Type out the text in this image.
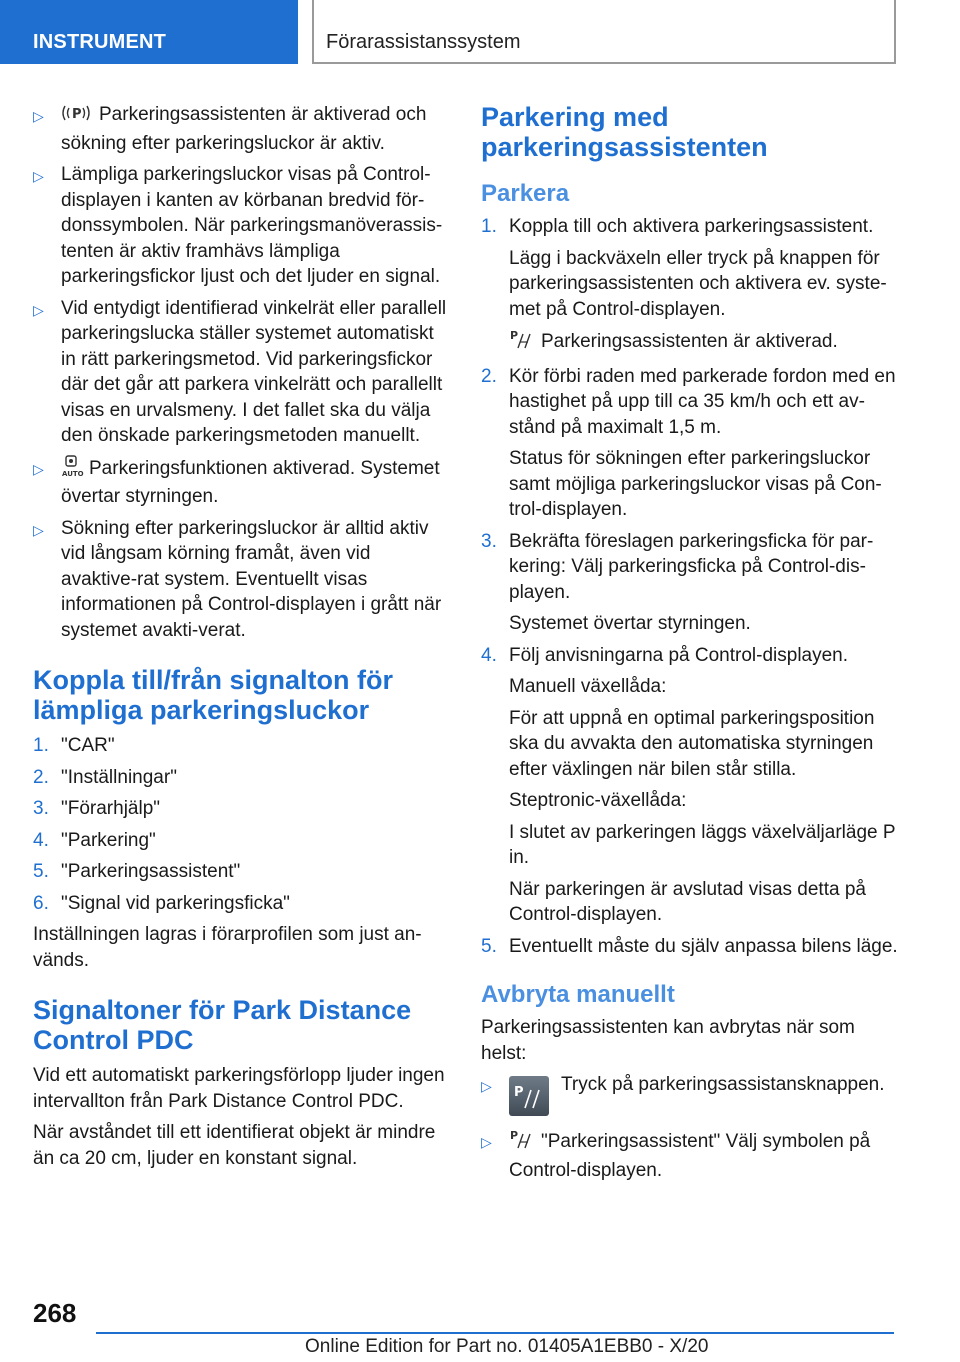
INSTRUMENT	Förarassistanssystem
▷ P Parkeringsassistenten är aktiverad och sökning efter parkeringsluckor är aktiv.
▷ Lämpliga parkeringsluckor visas på Control-displayen i kanten av körbanan bredvid för-donssymbolen. När parkeringsmanöverassis-tenten är aktiv framhävs lämpliga parkeringsfickor ljust och det ljuder en signal.
▷ Vid entydigt identifierad vinkelrät eller parallell parkeringslucka ställer systemet automatiskt in rätt parkeringsmetod. Vid parkeringsfickor där det går att parkera vinkelrätt och parallellt visas en urvalsmeny. I det fallet ska du välja den önskade parkeringsmetoden manuellt.
▷	AUTO Parkeringsfunktionen aktiverad. Systemet övertar styrningen.
▷ Sökning efter parkeringsluckor är alltid aktiv vid långsam körning framåt, även vid avaktive-rat system. Eventuellt visas informationen på Control-displayen i grått när systemet avakti-verat.
Koppla till/från signalton för lämpliga parkeringsluckor
1. "CAR"
2. "Inställningar"
3. "Förarhjälp"
4. "Parkering"
5. "Parkeringsassistent"
6. "Signal vid parkeringsficka"
Inställningen lagras i förarprofilen som just an-vänds.
Signaltoner för Park Distance Control PDC
Vid ett automatiskt parkeringsförlopp ljuder ingen intervallton från Park Distance Control PDC.
När avståndet till ett identifierat objekt är mindre än ca 20 cm, ljuder en konstant signal.
Parkering med parkeringsassistenten
Parkera
1. Koppla till och aktivera parkeringsassistent.
Lägg i backväxeln eller tryck på knappen för parkeringsassistenten och aktivera ev. syste-met på Control-displayen.
P Parkeringsassistenten är aktiverad.
2. Kör förbi raden med parkerade fordon med en hastighet på upp till ca 35 km/h och ett av-stånd på maximalt 1,5 m.
Status för sökningen efter parkeringsluckor samt möjliga parkeringsluckor visas på Con-trol-displayen.
3. Bekräfta föreslagen parkeringsficka för par-kering: Välj parkeringsficka på Control-dis-playen.
Systemet övertar styrningen.
4. Följ anvisningarna på Control-displayen.
Manuell växellåda:
För att uppnå en optimal parkeringsposition ska du avvakta den automatiska styrningen efter växlingen när bilen står stilla.
Steptronic-växellåda:
I slutet av parkeringen läggs växelväljarläge P in.
När parkeringen är avslutad visas detta på Control-displayen.
5. Eventuellt måste du själv anpassa bilens läge.
Avbryta manuellt
Parkeringsassistenten kan avbrytas när som helst:
▷ P Tryck på parkeringsassistansknappen.
▷ P "Parkeringsassistent" Välj symbolen på Control-displayen.
268
Online Edition for Part no. 01405A1EBB0 - X/20
